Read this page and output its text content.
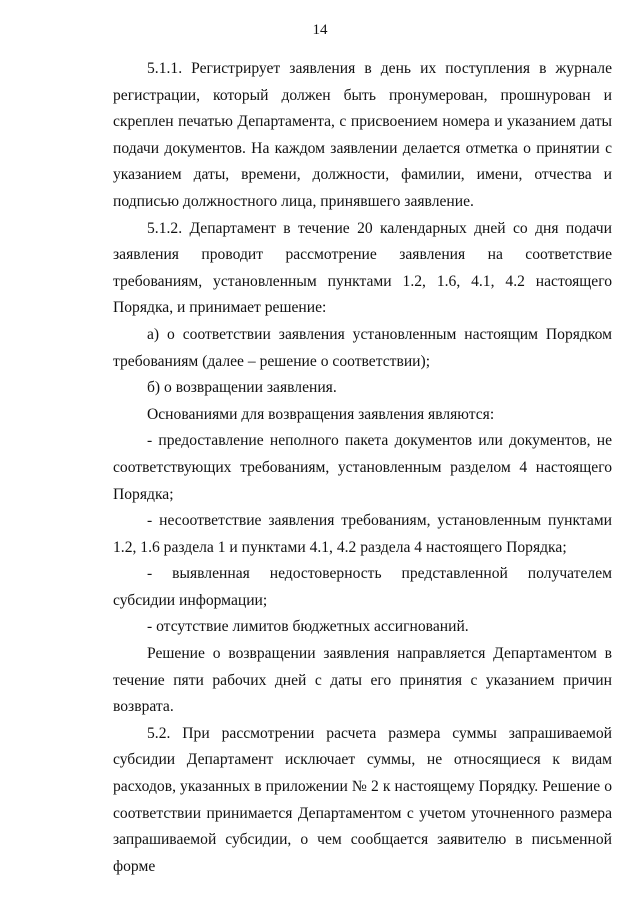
14

5.1.1. Регистрирует заявления в день их поступления в журнале регистрации, который должен быть пронумерован, прошнурован и скреплен печатью Департамента, с присвоением номера и указанием даты подачи документов. На каждом заявлении делается отметка о принятии с указанием даты, времени, должности, фамилии, имени, отчества и подписью должностного лица, принявшего заявление.

5.1.2. Департамент в течение 20 календарных дней со дня подачи заявления проводит рассмотрение заявления на соответствие требованиям, установленным пунктами 1.2, 1.6, 4.1, 4.2 настоящего Порядка, и принимает решение:

а) о соответствии заявления установленным настоящим Порядком требованиям (далее – решение о соответствии);

б) о возвращении заявления.

Основаниями для возвращения заявления являются:

- предоставление неполного пакета документов или документов, не соответствующих требованиям, установленным разделом 4 настоящего Порядка;

- несоответствие заявления требованиям, установленным пунктами 1.2, 1.6 раздела 1 и пунктами 4.1, 4.2 раздела 4 настоящего Порядка;

- выявленная недостоверность представленной получателем субсидии информации;

- отсутствие лимитов бюджетных ассигнований.

Решение о возвращении заявления направляется Департаментом в течение пяти рабочих дней с даты его принятия с указанием причин возврата.

5.2. При рассмотрении расчета размера суммы запрашиваемой субсидии Департамент исключает суммы, не относящиеся к видам расходов, указанных в приложении № 2 к настоящему Порядку. Решение о соответствии принимается Департаментом с учетом уточненного размера запрашиваемой субсидии, о чем сообщается заявителю в письменной форме
